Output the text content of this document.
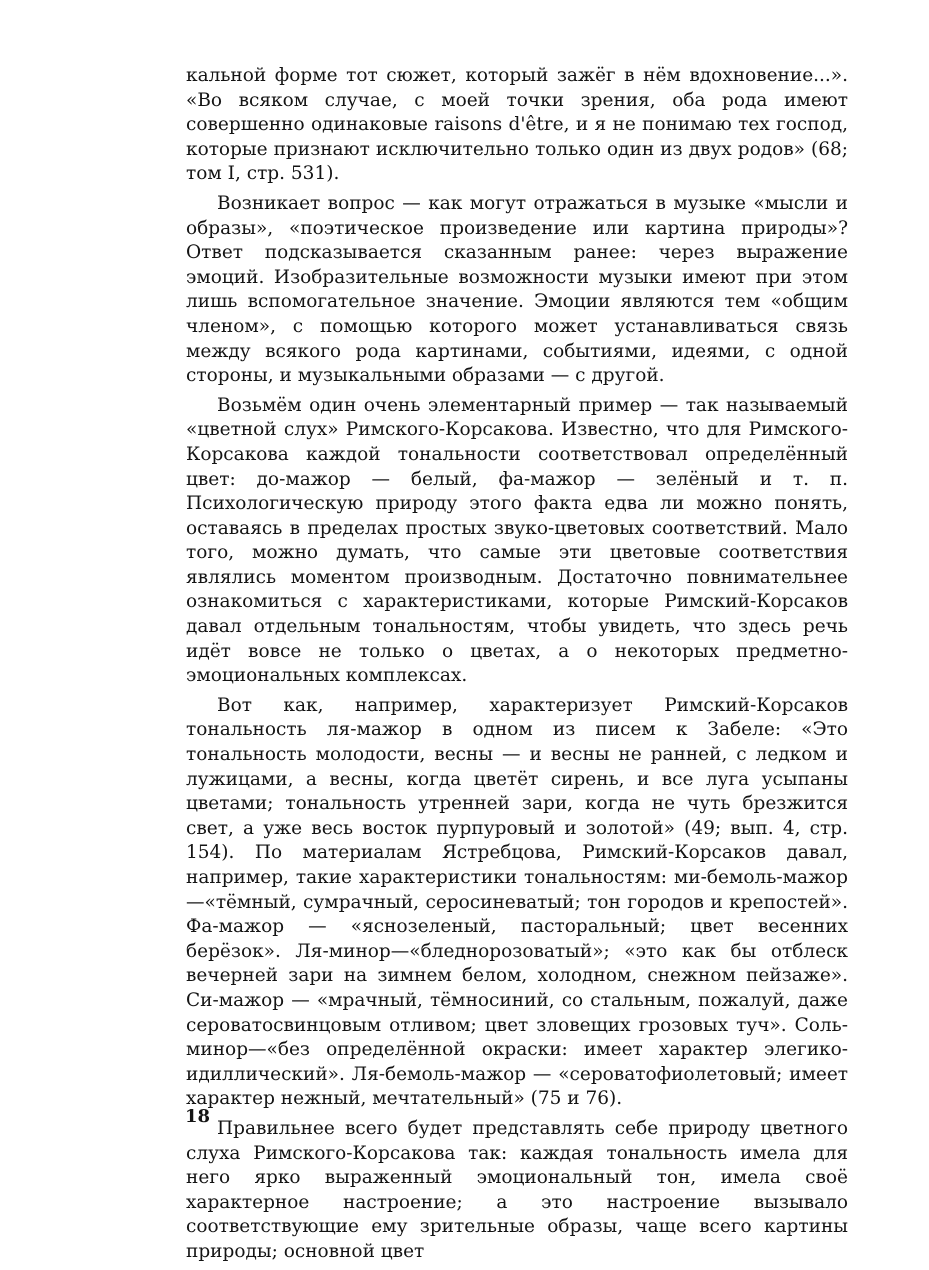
кальной форме тот сюжет, который зажёг в нём вдохновение...». «Во всяком случае, с моей точки зрения, оба рода имеют совершенно одинаковые raisons d'être, и я не понимаю тех господ, которые признают исключительно только один из двух родов» (68; том I, стр. 531).

Возникает вопрос — как могут отражаться в музыке «мысли и образы», «поэтическое произведение или картина природы»? Ответ подсказывается сказанным ранее: через выражение эмоций. Изобразительные возможности музыки имеют при этом лишь вспомогательное значение. Эмоции являются тем «общим членом», с помощью которого может устанавливаться связь между всякого рода картинами, событиями, идеями, с одной стороны, и музыкальными образами — с другой.

Возьмём один очень элементарный пример — так называемый «цветной слух» Римского-Корсакова. Известно, что для Римского-Корсакова каждой тональности соответствовал определённый цвет: до-мажор — белый, фа-мажор — зелёный и т. п. Психологическую природу этого факта едва ли можно понять, оставаясь в пределах простых звуко-цветовых соответствий. Мало того, можно думать, что самые эти цветовые соответствия являлись моментом производным. Достаточно повнимательнее ознакомиться с характеристиками, которые Римский-Корсаков давал отдельным тональностям, чтобы увидеть, что здесь речь идёт вовсе не только о цветах, а о некоторых предметно-эмоциональных комплексах.

Вот как, например, характеризует Римский-Корсаков тональность ля-мажор в одном из писем к Забеле: «Это тональность молодости, весны — и весны не ранней, с ледком и лужицами, а весны, когда цветёт сирень, и все луга усыпаны цветами; тональность утренней зари, когда не чуть брезжится свет, а уже весь восток пурпуровый и золотой» (49; вып. 4, стр. 154). По материалам Ястребцова, Римский-Корсаков давал, например, такие характеристики тональностям: ми-бемоль-мажор—«тёмный, сумрачный, серосиневатый; тон городов и крепостей». Фа-мажор — «яснозеленый, пасторальный; цвет весенних берёзок». Ля-минор—«бледнорозоватый»; «это как бы отблеск вечерней зари на зимнем белом, холодном, снежном пейзаже». Си-мажор — «мрачный, тёмносиний, со стальным, пожалуй, даже сероватосвинцовым отливом; цвет зловещих грозовых туч». Соль-минор—«без определённой окраски: имеет характер элегико-идиллический». Ля-бемоль-мажор — «сероватофиолетовый; имеет характер нежный, мечтательный» (75 и 76).

Правильнее всего будет представлять себе природу цветного слуха Римского-Корсакова так: каждая тональность имела для него ярко выраженный эмоциональный тон, имела своё характерное настроение; а это настроение вызывало соответствующие ему зрительные образы, чаще всего картины природы; основной цвет

18
